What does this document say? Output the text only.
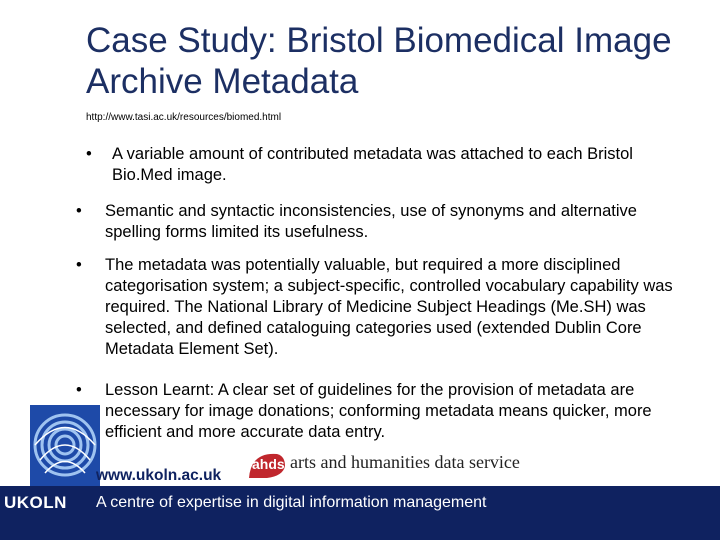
Case Study: Bristol Biomedical Image Archive Metadata
http://www.tasi.ac.uk/resources/biomed.html
•	A variable amount of contributed metadata was attached to each Bristol Bio.Med image.
• Semantic and syntactic inconsistencies, use of synonyms and alternative spelling forms limited its usefulness.
• The metadata was potentially valuable, but required a more disciplined categorisation system; a subject-specific, controlled vocabulary capability was required. The National Library of Medicine Subject Headings (Me.SH) was selected, and defined cataloguing categories used (extended Dublin Core Metadata Element Set).
• Lesson Learnt: A clear set of guidelines for the provision of metadata are necessary for image donations; conforming metadata means quicker, more efficient and more accurate data entry.
www.ukoln.ac.uk
ahds arts and humanities data service
UKOLN A centre of expertise in digital information management
